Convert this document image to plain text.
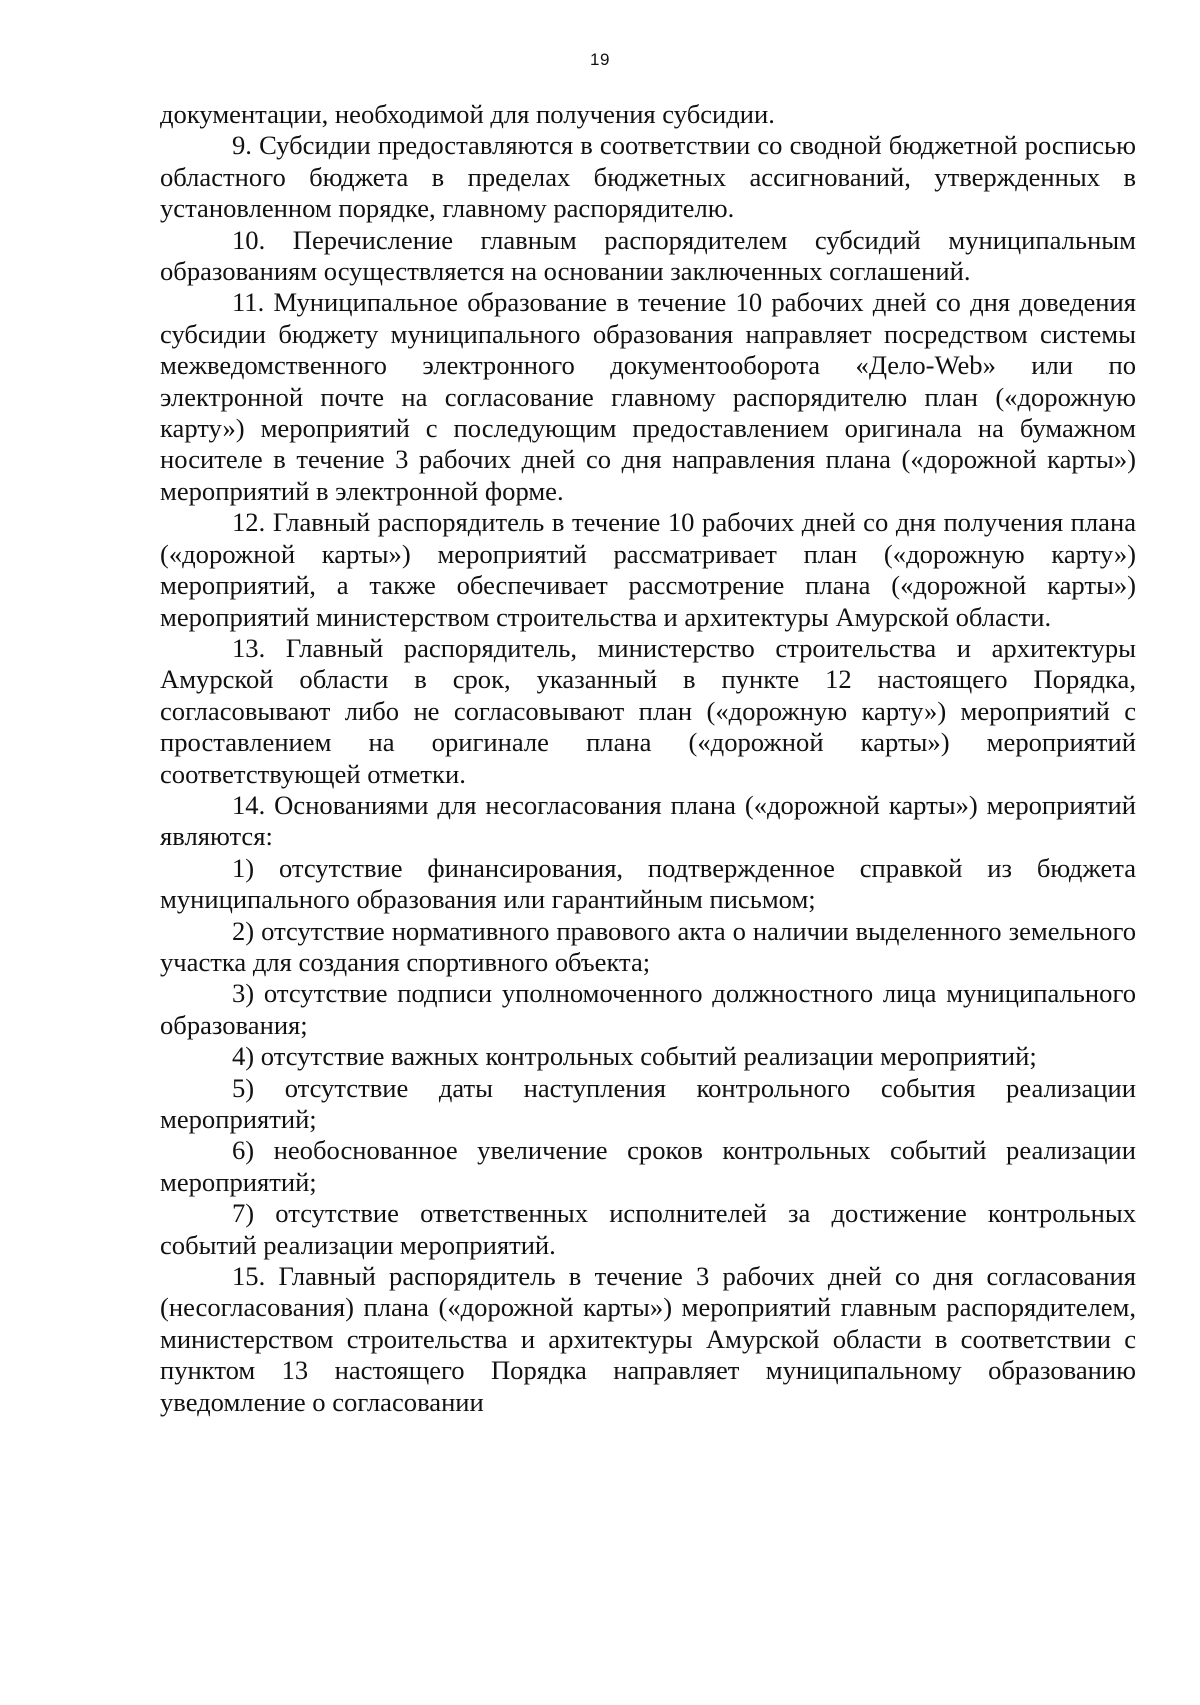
19

документации, необходимой для получения субсидии.

9. Субсидии предоставляются в соответствии со сводной бюджетной росписью областного бюджета в пределах бюджетных ассигнований, утвержденных в установленном порядке, главному распорядителю.

10. Перечисление главным распорядителем субсидий муниципальным образованиям осуществляется на основании заключенных соглашений.

11. Муниципальное образование в течение 10 рабочих дней со дня доведения субсидии бюджету муниципального образования направляет посредством системы межведомственного электронного документооборота «Дело-Web» или по электронной почте на согласование главному распорядителю план («дорожную карту») мероприятий с последующим предоставлением оригинала на бумажном носителе в течение 3 рабочих дней со дня направления плана («дорожной карты») мероприятий в электронной форме.

12. Главный распорядитель в течение 10 рабочих дней со дня получения плана («дорожной карты») мероприятий рассматривает план («дорожную карту») мероприятий, а также обеспечивает рассмотрение плана («дорожной карты») мероприятий министерством строительства и архитектуры Амурской области.

13. Главный распорядитель, министерство строительства и архитектуры Амурской области в срок, указанный в пункте 12 настоящего Порядка, согласовывают либо не согласовывают план («дорожную карту») мероприятий с проставлением на оригинале плана («дорожной карты») мероприятий соответствующей отметки.

14. Основаниями для несогласования плана («дорожной карты») мероприятий являются:

1) отсутствие финансирования, подтвержденное справкой из бюджета муниципального образования или гарантийным письмом;

2) отсутствие нормативного правового акта о наличии выделенного земельного участка для создания спортивного объекта;

3) отсутствие подписи уполномоченного должностного лица муниципального образования;

4) отсутствие важных контрольных событий реализации мероприятий;

5) отсутствие даты наступления контрольного события реализации мероприятий;

6) необоснованное увеличение сроков контрольных событий реализации мероприятий;

7) отсутствие ответственных исполнителей за достижение контрольных событий реализации мероприятий.

15. Главный распорядитель в течение 3 рабочих дней со дня согласования (несогласования) плана («дорожной карты») мероприятий главным распорядителем, министерством строительства и архитектуры Амурской области в соответствии с пунктом 13 настоящего Порядка направляет муниципальному образованию уведомление о согласовании
